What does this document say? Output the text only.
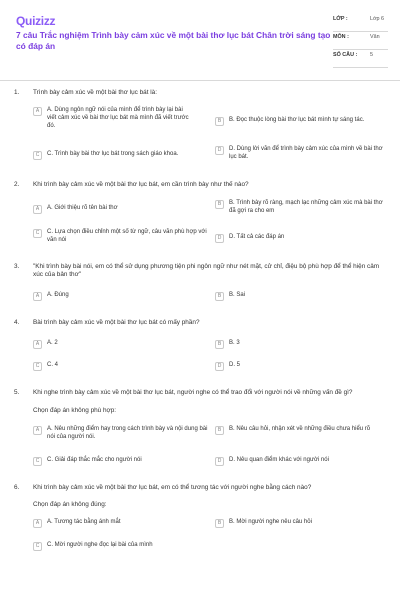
Quizizz
7 câu Trắc nghiệm Trình bày cảm xúc về một bài thơ lục bát Chân trời sáng tạo có đáp án
LỚP :	Lớp 6
MÔN :	Văn
SỐ CÂU : 5
1. Trình bày cảm xúc về một bài thơ lục bát là:
A	A. Dùng ngôn ngữ nói của mình để trình bày lại bài viết cảm xúc về bài thơ lục bát mà mình đã viết trước đó.
B	B. Đọc thuộc lòng bài thơ lục bát mình tự sáng tác.
C	C. Trình bày bài thơ lục bát trong sách giáo khoa.
D	D. Dùng lời văn để trình bày cảm xúc của mình về bài thơ lục bát.
2. Khi trình bày cảm xúc về một bài thơ lục bát, em cần trình bày như thế nào?
A	A. Giới thiệu rõ tên bài thơ
B	B. Trình bày rõ ràng, mạch lạc những cảm xúc mà bài thơ đã gợi ra cho em
C	C. Lựa chọn điều chỉnh một số từ ngữ, câu văn phù hợp với văn nói	D	D. Tất cả các đáp án
3. "Khi trình bày bài nói, em có thể sử dụng phương tiện phi ngôn ngữ như nét mặt, cử chỉ, điệu bộ phù hợp để thể hiện cảm xúc của bản thơ"
A	A. Đúng	B	B. Sai
4. Bài trình bày cảm xúc về một bài thơ lục bát có mấy phần?
A	A. 2	B	B. 3
C	C. 4	D	D. 5
5. Khi nghe trình bày cảm xúc về một bài thơ lục bát, người nghe có thể trao đổi với người nói về những vấn đề gì?
Chọn đáp án không phù hợp:
A	A. Nêu những điểm hay trong cách trình bày và nội dung bài nói của người nói.
B	B. Nêu câu hỏi, nhận xét về những điều chưa hiểu rõ
C	C. Giải đáp thắc mắc cho người nói	D	D. Nêu quan điểm khác với người nói
6. Khi trình bày cảm xúc về một bài thơ lục bát, em có thể tương tác với người nghe bằng cách nào?
Chọn đáp án không đúng:
A	A. Tương tác bằng ánh mắt	B	B. Mời người nghe nêu câu hỏi
C	C. Mời người nghe đọc lại bài của mình
